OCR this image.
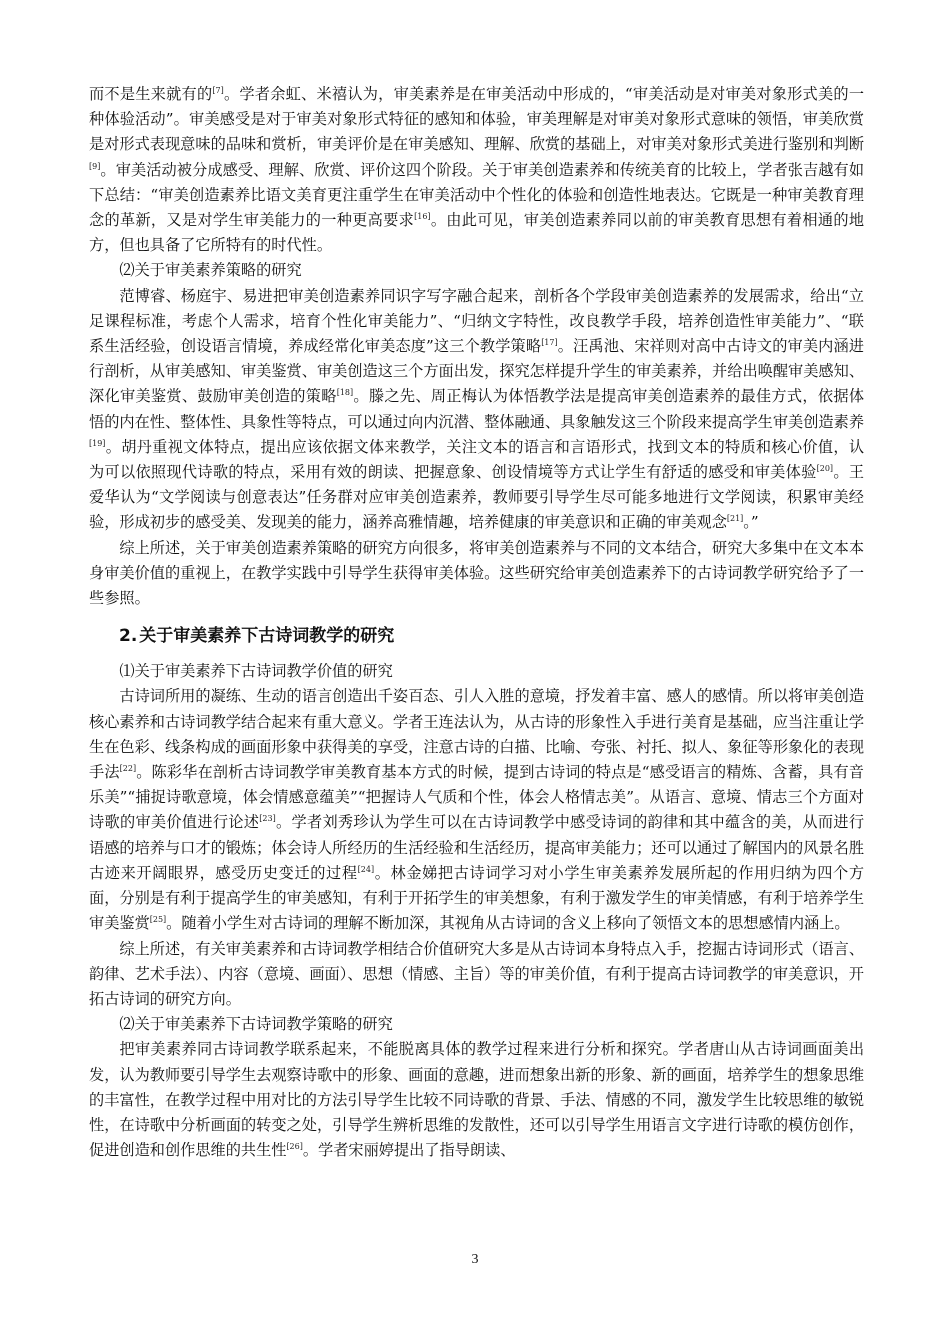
而不是生来就有的[7]。学者余虹、米禧认为，审美素养是在审美活动中形成的，“审美活动是对审美对象形式美的一种体验活动”。审美感受是对于审美对象形式特征的感知和体验，审美理解是对审美对象形式意味的领悟，审美欣赏是对形式表现意味的品味和赏析，审美评价是在审美感知、理解、欣赏的基础上，对审美对象形式美进行鉴别和判断[9]。审美活动被分成感受、理解、欣赏、评价这四个阶段。关于审美创造素养和传统美育的比较上，学者张吉越有如下总结：“审美创造素养比语文美育更注重学生在审美活动中个性化的体验和创造性地表达。它既是一种审美教育理念的革新，又是对学生审美能力的一种更高要求[16]。由此可见，审美创造素养同以前的审美教育思想有着相通的地方，但也具备了它所特有的时代性。

⑵关于审美素养策略的研究

范博睿、杨庭宇、易进把审美创造素养同识字写字融合起来，剖析各个学段审美创造素养的发展需求，给出“立足课程标准，考虑个人需求，培育个性化审美能力”、“归纳文字特性，改良教学手段，培养创造性审美能力”、“联系生活经验，创设语言情境，养成经常化审美态度”这三个教学策略[17]。汪禹池、宋祥则对高中古诗文的审美内涵进行剖析，从审美感知、审美鉴赏、审美创造这三个方面出发，探究怎样提升学生的审美素养，并给出唤醒审美感知、深化审美鉴赏、鼓励审美创造的策略[18]。滕之先、周正梅认为体悟教学法是提高审美创造素养的最佳方式，依据体悟的内在性、整体性、具象性等特点，可以通过向内沉潜、整体融通、具象触发这三个阶段来提高学生审美创造素养[19]。胡丹重视文体特点，提出应该依据文体来教学，关注文本的语言和言语形式，找到文本的特质和核心价值，认为可以依照现代诗歌的特点，采用有效的朗读、把握意象、创设情境等方式让学生有舒适的感受和审美体验[20]。王爱华认为“文学阅读与创意表达”任务群对应审美创造素养，教师要引导学生尽可能多地进行文学阅读，积累审美经验，形成初步的感受美、发现美的能力，涵养高雅情趣，培养健康的审美意识和正确的审美观念[21]。”

综上所述，关于审美创造素养策略的研究方向很多，将审美创造素养与不同的文本结合，研究大多集中在文本本身审美价值的重视上，在教学实践中引导学生获得审美体验。这些研究给审美创造素养下的古诗词教学研究给予了一些参照。

2. 关于审美素养下古诗词教学的研究

⑴关于审美素养下古诗词教学价值的研究

古诗词所用的凝练、生动的语言创造出千姿百态、引人入胜的意境，抒发着丰富、感人的感情。所以将审美创造核心素养和古诗词教学结合起来有重大意义。学者王连法认为，从古诗的形象性入手进行美育是基础，应当注重让学生在色彩、线条构成的画面形象中获得美的享受，注意古诗的白描、比喻、夸张、衬托、拟人、象征等形象化的表现手法[22]。陈彩华在剖析古诗词教学审美教育基本方式的时候，提到古诗词的特点是“感受语言的精炼、含蓄，具有音乐美”“捕捉诗歌意境，体会情感意蕴美”“把握诗人气质和个性，体会人格情志美”。从语言、意境、情志三个方面对诗歌的审美价值进行论述[23]。学者刘秀珍认为学生可以在古诗词教学中感受诗词的韵律和其中蕴含的美，从而进行语感的培养与口才的锻炼；体会诗人所经历的生活经验和生活经历，提高审美能力；还可以通过了解国内的风景名胜古迹来开阔眼界，感受历史变迁的过程[24]。林金娣把古诗词学习对小学生审美素养发展所起的作用归纳为四个方面，分别是有利于提高学生的审美感知，有利于开拓学生的审美想象，有利于激发学生的审美情感，有利于培养学生审美鉴赏[25]。随着小学生对古诗词的理解不断加深，其视角从古诗词的含义上移向了领悟文本的思想感情内涵上。

综上所述，有关审美素养和古诗词教学相结合价值研究大多是从古诗词本身特点入手，挖掘古诗词形式（语言、韵律、艺术手法）、内容（意境、画面）、思想（情感、主旨）等的审美价值，有利于提高古诗词教学的审美意识，开拓古诗词的研究方向。

⑵关于审美素养下古诗词教学策略的研究

把审美素养同古诗词教学联系起来，不能脱离具体的教学过程来进行分析和探究。学者唐山从古诗词画面美出发，认为教师要引导学生去观察诗歌中的形象、画面的意趣，进而想象出新的形象、新的画面，培养学生的想象思维的丰富性，在教学过程中用对比的方法引导学生比较不同诗歌的背景、手法、情感的不同，激发学生比较思维的敏锐性，在诗歌中分析画面的转变之处，引导学生辨析思维的发散性，还可以引导学生用语言文字进行诗歌的模仿创作，促进创造和创作思维的共生性[26]。学者宋丽婷提出了指导朗读、

3
